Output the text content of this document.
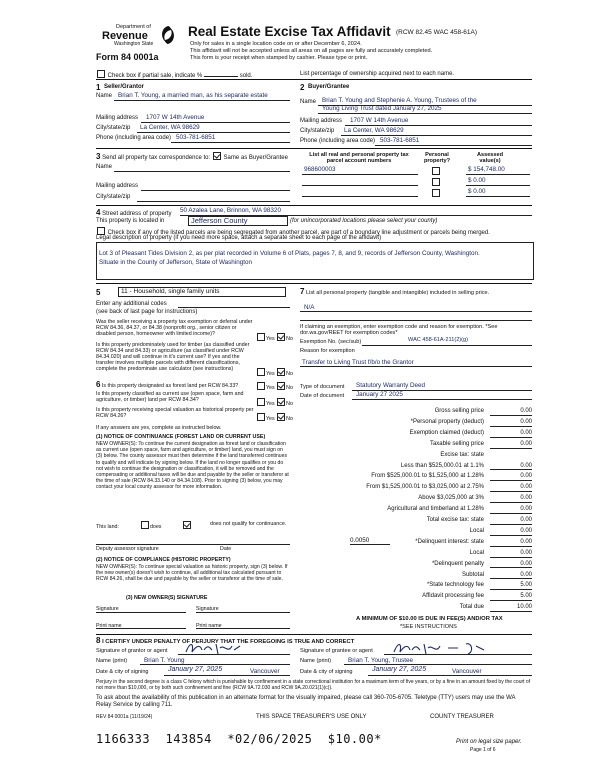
Department of
Revenue
Washington State
Form 84 0001a
Real Estate Excise Tax Affidavit (RCW 82.45 WAC 458-61A)
Only for sales in a single location code on or after December 6, 2024.
This affidavit will not be accepted unless all areas on all pages are fully and accurately completed.
This form is your receipt when stamped by cashier. Please type or print.
Check box if partial sale, indicate %	sold.	List percentage of ownership acquired next to each name.
1 Seller/Grantor
Name Brian T. Young, a married man, as his separate estate
Mailing address 1707 W 14th Avenue
City/state/zip La Center, WA 98629
Phone (including area code) 503-781-6851
2 Buyer/Grantee
Name Brian T. Young and Stephenie A. Young, Trustees of the
Young Living Trust dated January 27, 2025
Mailing address 1707 W 14th Avenue
City/state/zip La Center, WA 98629
Phone (including area code) 503-781-6851
3 Send all property tax correspondence to: Same as Buyer/Grantee
Name
Mailing address
City/state/zip
List all real and personal property tax parcel account numbers
Personal property?
Assessed value(s)
968600003	$ 154,748.00
$ 0.00
$ 0.00
4 Street address of property 50 Azalea Lane, Brinnon, WA 98320
This property is located in	Jefferson County	(for unincorporated locations please select your county)
Check box if any of the listed parcels are being segregated from another parcel, are part of a boundary line adjustment or parcels being merged.
Legal description of property (if you need more space, attach a separate sheet to each page of the affidavit)
Lot 3 of Pleasant Tides Division 2, as per plat recorded in Volume 6 of Plats, pages 7, 8, and 9, records of Jefferson County, Washington.
Situate in the County of Jefferson, State of Washington
5	11 - Household, single family units
Enter any additional codes
(see back of last page for instructions)
Was the seller receiving a property tax exemption or deferral under RCW 84.36, 84.37, or 84.38 (nonprofit org., senior citizen or disabled person, homeowner with limited income)?
Yes No
Is this property predominately used for timber (as classified under RCW 84.34 and 84.33) or agriculture (as classified under RCW 84.34.020) and will continue in it's current use? If yes and the transfer involves multiple parcels with different classifications, complete the predominate use calculator (see instructions)
Yes No
6 Is this property designated as forest land per RCW 84.33?	Yes No
Is this property classified as current use (open space, farm and agriculture, or timber) land per RCW 84.34?
Yes No
Is this property receiving special valuation as historical property per RCW 84.26?	Yes No
If any answers are yes, complete as instructed below.
(1) NOTICE OF CONTINUANCE (FOREST LAND OR CURRENT USE)
NEW OWNER(S): To continue the current designation as forest land or classification as current use (open space, farm and agriculture, or timber) land, you must sign on (3) below. The county assessor must then determine if the land transferred continues to qualify and will indicate by signing below. If the land no longer qualifies or you do not wish to continue the designation or classification, it will be removed and the compensating or additional taxes will be due and payable by the seller or transferor at the time of sale (RCW 84.33.140 or 84.34.108). Prior to signing (3) below, you may contact your local county assessor for more information.
This land:	does	does not qualify for continuance.
Deputy assessor signature	Date
(2) NOTICE OF COMPLIANCE (HISTORIC PROPERTY)
NEW OWNER(S): To continue special valuation as historic property, sign (3) below. If the new owner(s) doesn't wish to continue, all additional tax calculated pursuant to RCW 84.26, shall be due and payable by the seller or transferor at the time of sale.
(3) NEW OWNER(S) SIGNATURE
Signature	Signature
Print name	Print name
7 List all personal property (tangible and intangible) included in selling price.
N/A
If claiming an exemption, enter exemption code and reason for exemption. *See dor.wa.gov/REET for exemption codes*
Exemption No. (sec/sub)	WAC 458-61A-211(2)(g)
Reason for exemption
Transfer to Living Trust f/b/o the Grantor
Type of document Statutory Warranty Deed
Date of document January 27 2025
Gross selling price	0.00
*Personal property (deduct)	0.00
Exemption claimed (deduct)	0.00
Taxable selling price	0.00
Excise tax: state
Less than $525,000.01 at 1.1%	0.00
From $525,000.01 to $1,525,000 at 1.28%	0.00
From $1,525,000.01 to $3,025,000 at 2.75%	0.00
Above $3,025,000 at 3%	0.00
Agricultural and timberland at 1.28%	0.00
Total excise tax: state	0.00
Local	0.00
*Delinquent interest: state	0.00
Local	0.00
*Delinquent penalty	0.00
Subtotal	0.00
*State technology fee	5.00
Affidavit processing fee	5.00
Total due	10.00
0.0050
A MINIMUM OF $10.00 IS DUE IN FEE(S) AND/OR TAX
*SEE INSTRUCTIONS
8 I CERTIFY UNDER PENALTY OF PERJURY THAT THE FOREGOING IS TRUE AND CORRECT
Signature of grantor or agent
Name (print)	Brian T. Young
Date & city of signing	January 27, 2025	Vancouver
Signature of grantee or agent
Name (print)	Brian T. Young, Trustee
Date & city of signing	January 27, 2025	Vancouver
Perjury in the second degree is a class C felony which is punishable by confinement in a state correctional institution for a maximum term of five years, or by a fine in an amount fixed by the court of not more than $10,000, or by both such confinement and fine (RCW 9A.72.030 and RCW 9A.20.021(1)(c)).
To ask about the availability of this publication in an alternate format for the visually impaired, please call 360-705-6705. Teletype (TTY) users may use the WA Relay Service by calling 711.
REV 84 0001a (11/19/24)	THIS SPACE TREASURER'S USE ONLY	COUNTY TREASURER
1166333  143854  *02/06/2025  $10.00*	Print on legal size paper.
Page 1 of 6
